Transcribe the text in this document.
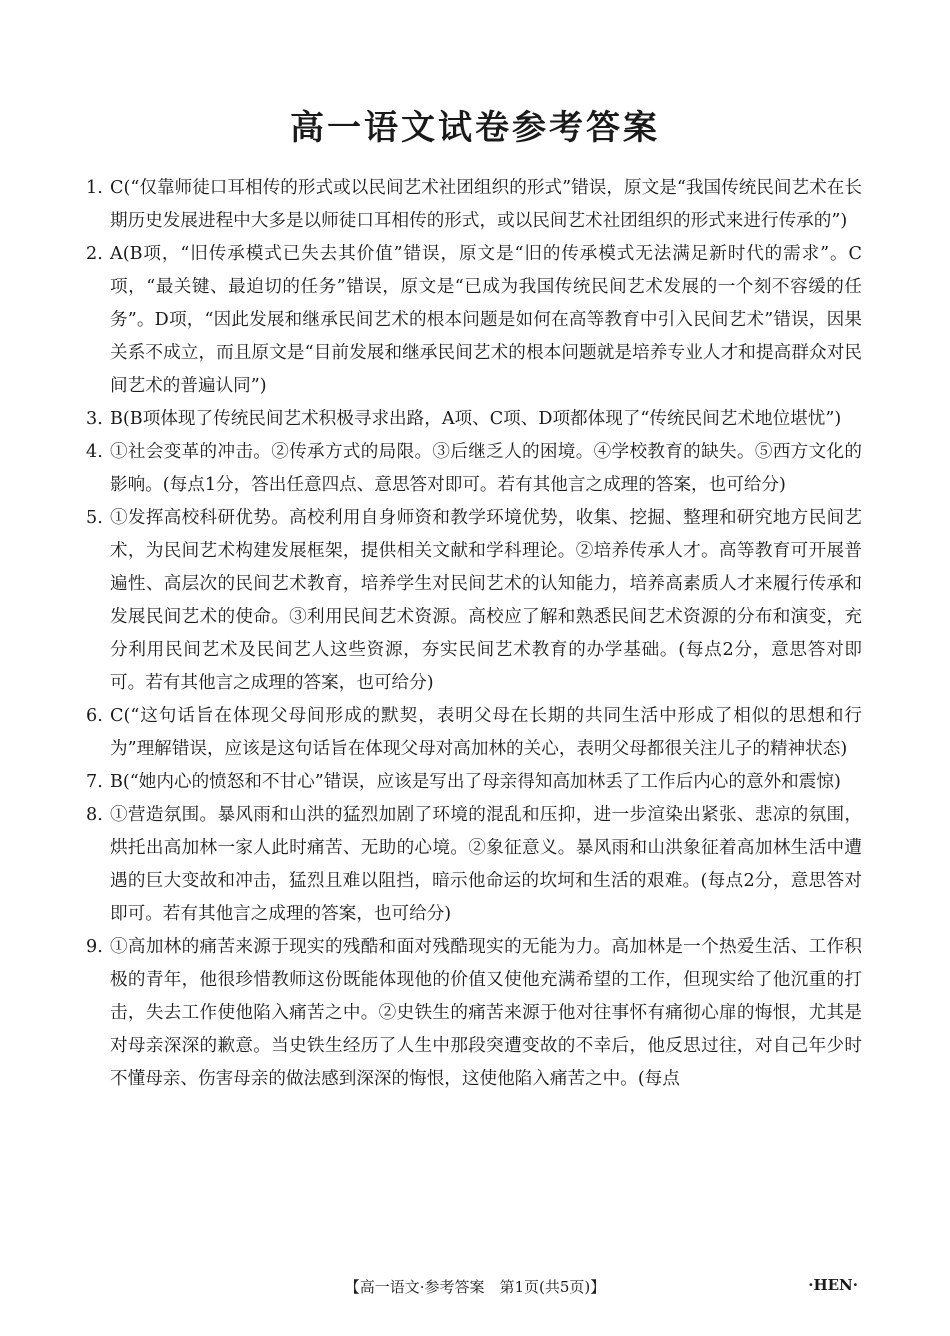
高一语文试卷参考答案
1. C(“仅靠师徒口耳相传的形式或以民间艺术社团组织的形式”错误，原文是“我国传统民间艺术在长期历史发展进程中大多是以师徒口耳相传的形式，或以民间艺术社团组织的形式来进行传承的”)
2. A(B项，“旧传承模式已失去其价值”错误，原文是“旧的传承模式无法满足新时代的需求”。C项，“最关键、最迫切的任务”错误，原文是“已成为我国传统民间艺术发展的一个刻不容缓的任务”。D项，“因此发展和继承民间艺术的根本问题是如何在高等教育中引入民间艺术”错误，因果关系不成立，而且原文是“目前发展和继承民间艺术的根本问题就是培养专业人才和提高群众对民间艺术的普遍认同”)
3. B(B项体现了传统民间艺术积极寻求出路，A项、C项、D项都体现了“传统民间艺术地位堪忧”)
4. ①社会变革的冲击。②传承方式的局限。③后继乏人的困境。④学校教育的缺失。⑤西方文化的影响。(每点1分，答出任意四点、意思答对即可。若有其他言之成理的答案，也可给分)
5. ①发挥高校科研优势。高校利用自身师资和教学环境优势，收集、挖掘、整理和研究地方民间艺术，为民间艺术构建发展框架，提供相关文献和学科理论。②培养传承人才。高等教育可开展普遍性、高层次的民间艺术教育，培养学生对民间艺术的认知能力，培养高素质人才来履行传承和发展民间艺术的使命。③利用民间艺术资源。高校应了解和熟悉民间艺术资源的分布和演变，充分利用民间艺术及民间艺人这些资源，夯实民间艺术教育的办学基础。(每点2分，意思答对即可。若有其他言之成理的答案，也可给分)
6. C(“这句话旨在体现父母间形成的默契，表明父母在长期的共同生活中形成了相似的思想和行为”理解错误，应该是这句话旨在体现父母对高加林的关心，表明父母都很关注儿子的精神状态)
7. B(“她内心的愤怒和不甘心”错误，应该是写出了母亲得知高加林丢了工作后内心的意外和震惊)
8. ①营造氛围。暴风雨和山洪的猛烈加剧了环境的混乱和压抑，进一步渲染出紧张、悲凉的氛围，烘托出高加林一家人此时痛苦、无助的心境。②象征意义。暴风雨和山洪象征着高加林生活中遭遇的巨大变故和冲击，猛烈且难以阻挡，暗示他命运的坎坷和生活的艰难。(每点2分，意思答对即可。若有其他言之成理的答案，也可给分)
9. ①高加林的痛苦来源于现实的残酷和面对残酷现实的无能为力。高加林是一个热爱生活、工作积极的青年，他很珍惜教师这份既能体现他的价值又使他充满希望的工作，但现实给了他沉重的打击，失去工作使他陷入痛苦之中。②史铁生的痛苦来源于他对往事怀有痛彻心扉的悔恨，尤其是对母亲深深的歉意。当史铁生经历了人生中那段突遭变故的不幸后，他反思过往，对自己年少时不懂母亲、伤害母亲的做法感到深深的悔恨，这使他陷入痛苦之中。(每点
【高一语文·参考答案　第1页(共5页)】	·HEN·
